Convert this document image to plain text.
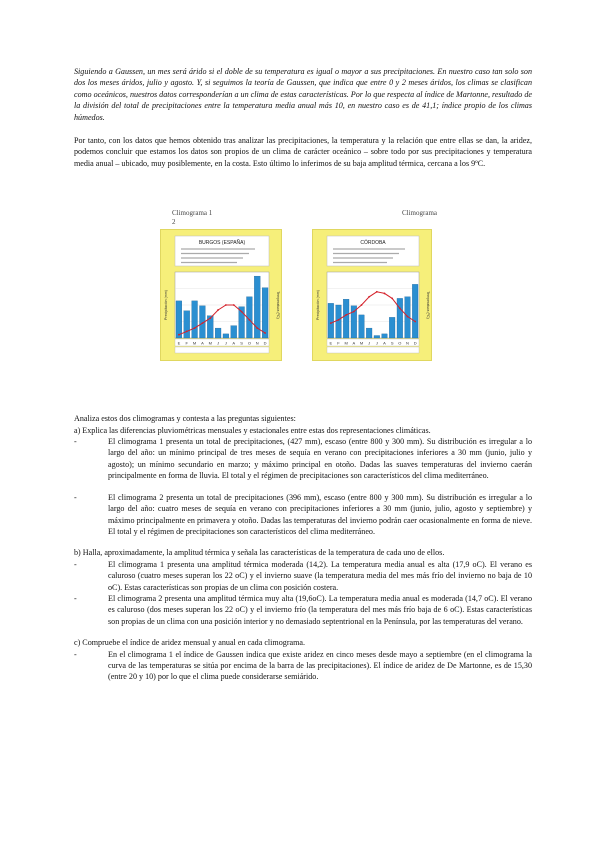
Siguiendo a Gaussen, un mes será árido si el doble de su temperatura es igual o mayor a sus precipitaciones. En nuestro caso tan solo son dos los meses áridos, julio y agosto. Y, si seguimos la teoría de Gaussen, que indica que entre 0 y 2 meses áridos, los climas se clasifican como oceánicos, nuestros datos corresponderían a un clima de estas características. Por lo que respecta al índice de Martonne, resultado de la división del total de precipitaciones entre la temperatura media anual más 10, en nuestro caso es de 41,1; índice propio de los climas húmedos.

Por tanto, con los datos que hemos obtenido tras analizar las precipitaciones, la temperatura y la relación que entre ellas se dan, la aridez, podemos concluir que estamos los datos son propios de un clima de carácter oceánico – sobre todo por sus precipitaciones y temperatura media anual – ubicado, muy posiblemente, en la costa. Esto último lo inferimos de su baja amplitud térmica, cercana a los 9ºC.

Climograma 1
2
Climograma
BURGOS (ESPAÑA)
E F M A M J J A S O N D
Precipitación (mm)	Temperatura (ºC)
CÓRDOBA
E F M A M J J A S O N D
Precipitación (mm)	Temperatura (ºC)

Analiza estos dos climogramas y contesta a las preguntas siguientes:

a) Explica las diferencias pluviométricas mensuales y estacionales entre estas dos representaciones climáticas.

-	El climograma 1 presenta un total de precipitaciones, (427 mm), escaso (entre 800 y 300 mm). Su distribución es irregular a lo largo del año: un mínimo principal de tres meses de sequía en verano con precipitaciones inferiores a 30 mm (junio, julio y agosto); un mínimo secundario en marzo; y máximo principal en otoño. Dadas las suaves temperaturas del invierno caerán principalmente en forma de lluvia. El total y el régimen de precipitaciones son característicos del clima mediterráneo.

-	El climograma 2 presenta un total de precipitaciones (396 mm), escaso (entre 800 y 300 mm). Su distribución es irregular a lo largo del año: cuatro meses de sequía en verano con precipitaciones inferiores a 30 mm (junio, julio, agosto y septiembre) y máximo principalmente en primavera y otoño. Dadas las temperaturas del invierno podrán caer ocasionalmente en forma de nieve. El total y el régimen de precipitaciones son característicos del clima mediterráneo.

b) Halla, aproximadamente, la amplitud térmica y señala las características de la temperatura de cada uno de ellos.

-	El climograma 1 presenta una amplitud térmica moderada (14,2). La temperatura media anual es alta (17,9 oC). El verano es caluroso (cuatro meses superan los 22 oC) y el invierno suave (la temperatura media del mes más frío del invierno no baja de 10 oC). Estas características son propias de un clima con posición costera.

-	El climograma 2 presenta una amplitud térmica muy alta (19,6oC). La temperatura media anual es moderada (14,7 oC). El verano es caluroso (dos meses superan los 22 oC) y el invierno frío (la temperatura del mes más frío baja de 6 oC). Estas características son propias de un clima con una posición interior y no demasiado septentrional en la Península, por las temperaturas del verano.

c) Compruebe el índice de aridez mensual y anual en cada climograma.

-	En el climograma 1 el índice de Gaussen indica que existe aridez en cinco meses desde mayo a septiembre (en el climograma la curva de las temperaturas se sitúa por encima de la barra de las precipitaciones). El índice de aridez de De Martonne, es de 15,30 (entre 20 y 10) por lo que el clima puede considerarse semiárido.
